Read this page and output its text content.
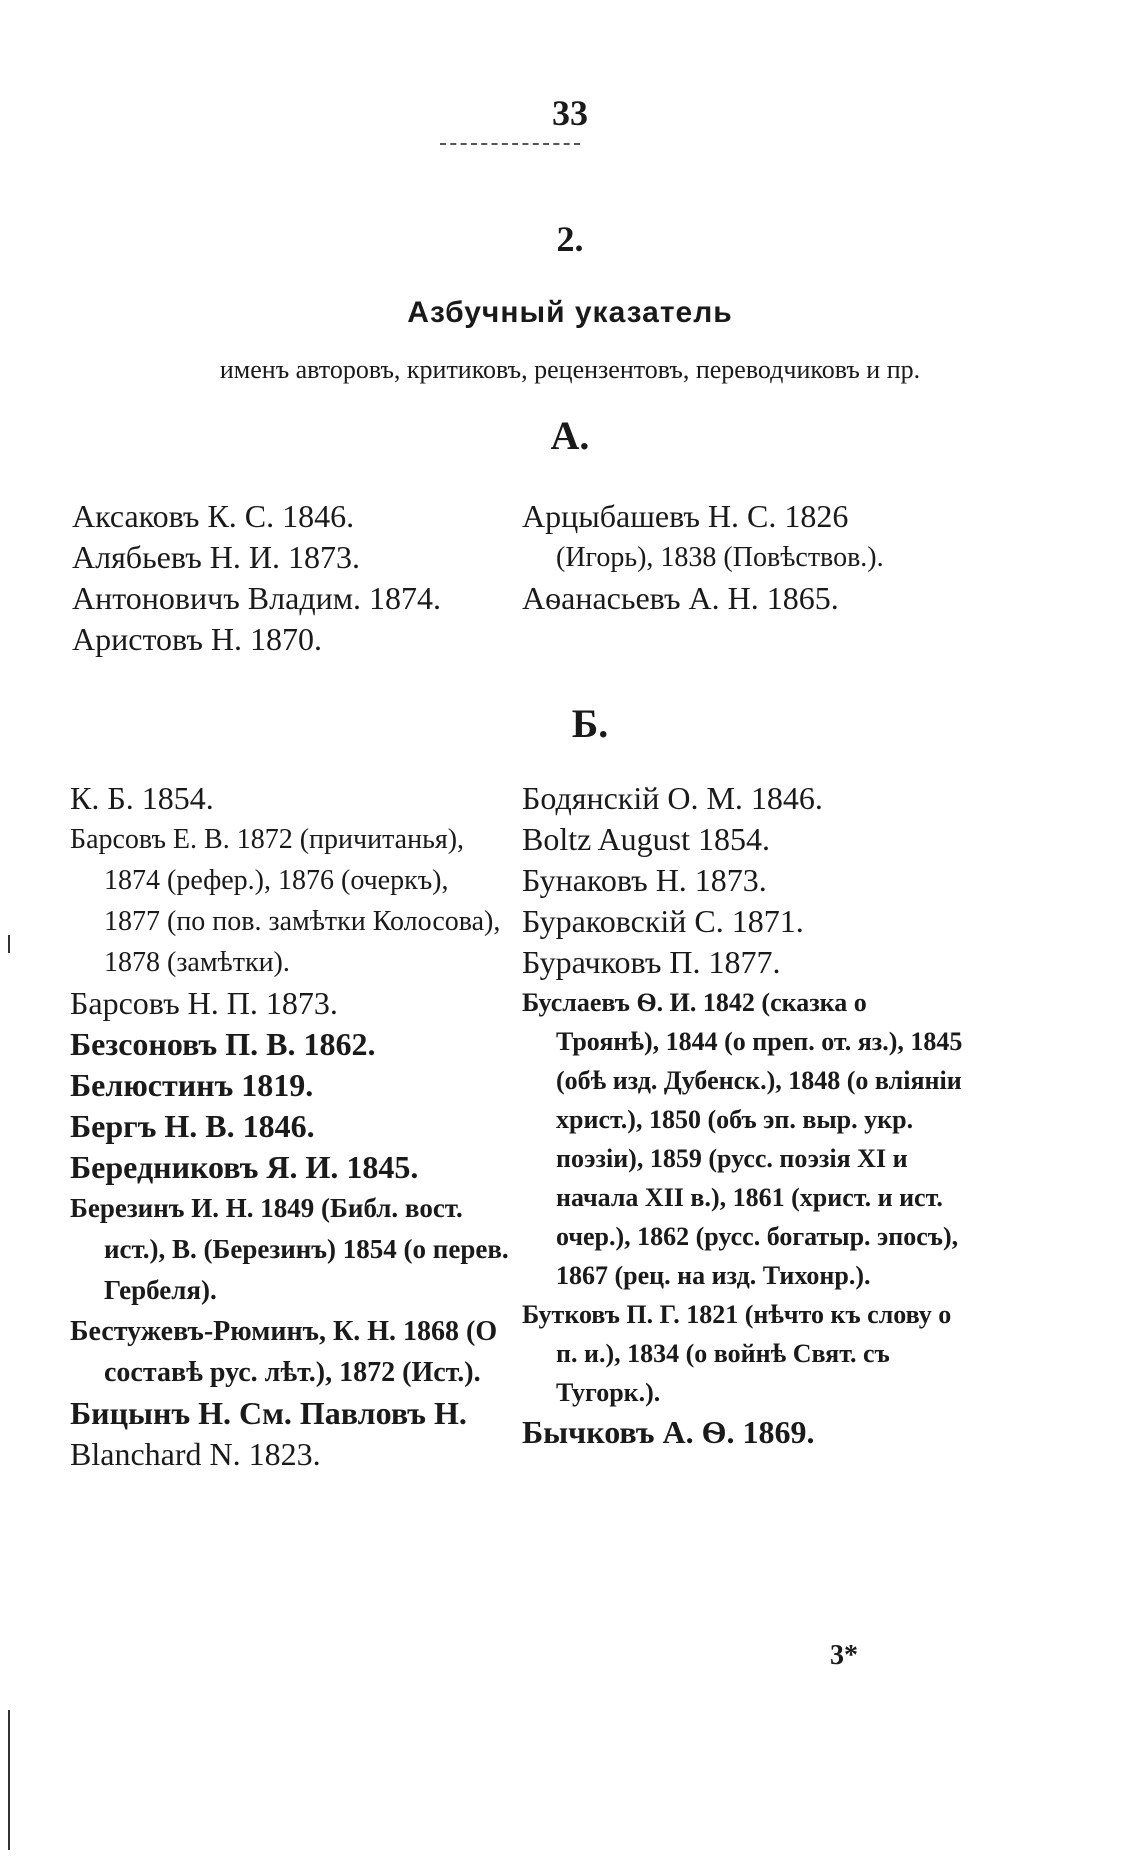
33
2.
Азбучный указатель
именъ авторовъ, критиковъ, рецензентовъ, переводчиковъ и пр.
А.

Аксаковъ К. С. 1846.

Алябьевъ Н. И. 1873.

Антоновичъ Владим. 1874.

Аристовъ Н. 1870.

Арцыбашевъ Н. С. 1826

(Игорь), 1838 (Повѣствов.).

Аѳанасьевъ А. Н. 1865.

Б.

К. Б. 1854.

Барсовъ Е. В. 1872 (причитанья), 1874 (рефер.), 1876 (очеркъ), 1877 (по пов. замѣтки Колосова), 1878 (замѣтки).

Барсовъ Н. П. 1873.

Безсоновъ П. В. 1862.

Белюстинъ 1819.

Бергъ Н. В. 1846.

Бередниковъ Я. И. 1845.

Березинъ И. Н. 1849 (Библ. вост. ист.), В. (Березинъ) 1854 (о перев. Гербеля).

Бестужевъ-Рюминъ, К. Н. 1868 (О составѣ рус. лѣт.), 1872 (Ист.).

Бицынъ Н. См. Павловъ Н.

Blanchard N. 1823.

Бодянскій О. М. 1846.

Boltz August 1854.

Бунаковъ Н. 1873.

Бураковскій С. 1871.

Бурачковъ П. 1877.

Буслаевъ Ѳ. И. 1842 (сказка о Троянѣ), 1844 (о преп. от. яз.), 1845 (обѣ изд. Дубенск.), 1848 (о вліяніи христ.), 1850 (объ эп. выр. укр. поэзіи), 1859 (русс. поэзія XI и начала XII в.), 1861 (христ. и ист. очер.), 1862 (русс. богатыр. эпосъ), 1867 (рец. на изд. Тихонр.).

Бутковъ П. Г. 1821 (нѣчто къ слову о п. и.), 1834 (о войнѣ Свят. съ Тугорк.).

Бычковъ А. Ѳ. 1869.

3*
